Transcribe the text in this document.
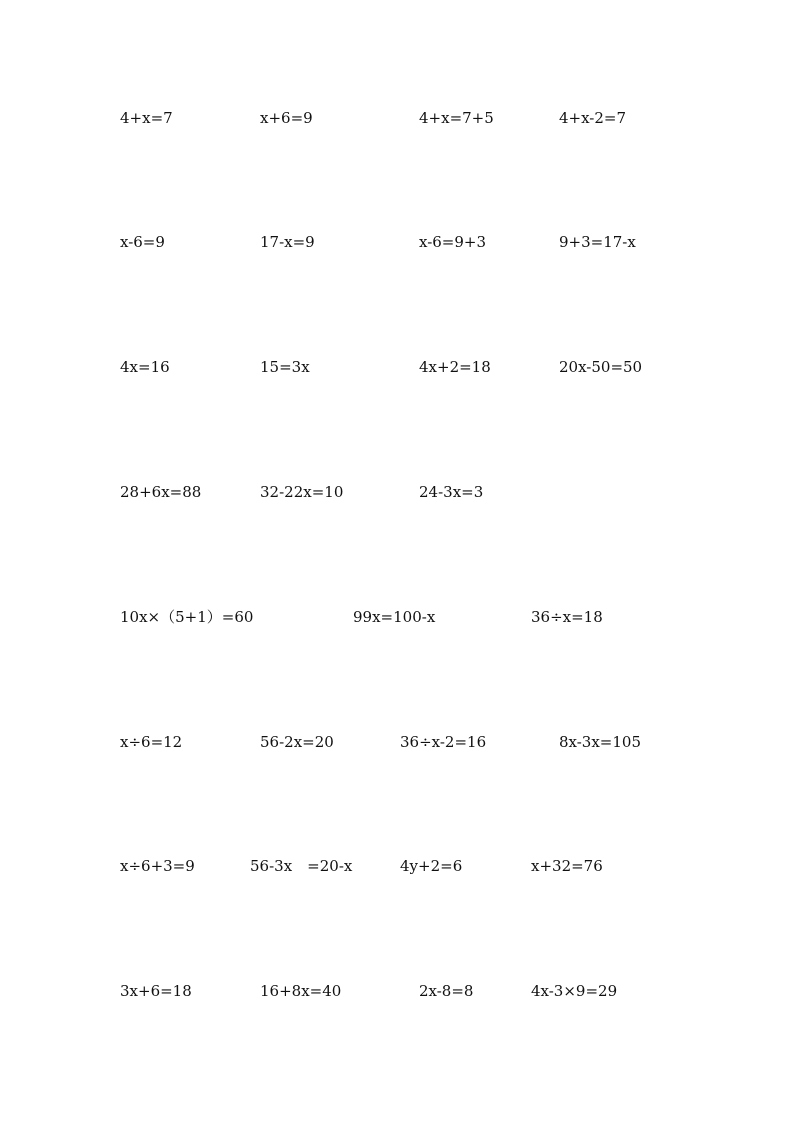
4+x=7	x+6=9	4+x=7+5	4+x-2=7
x-6=9	17-x=9	x-6=9+3	9+3=17-x
4x=16	15=3x	4x+2=18	20x-50=50
28+6x=88	32-22x=10	24-3x=3
10x×（5+1）=60	99x=100-x	36÷x=18
x÷6=12	56-2x=20	36÷x-2=16	8x-3x=105
x÷6+3=9	56-3x　=20-x	4y+2=6	x+32=76
3x+6=18	16+8x=40	2x-8=8	4x-3×9=29
